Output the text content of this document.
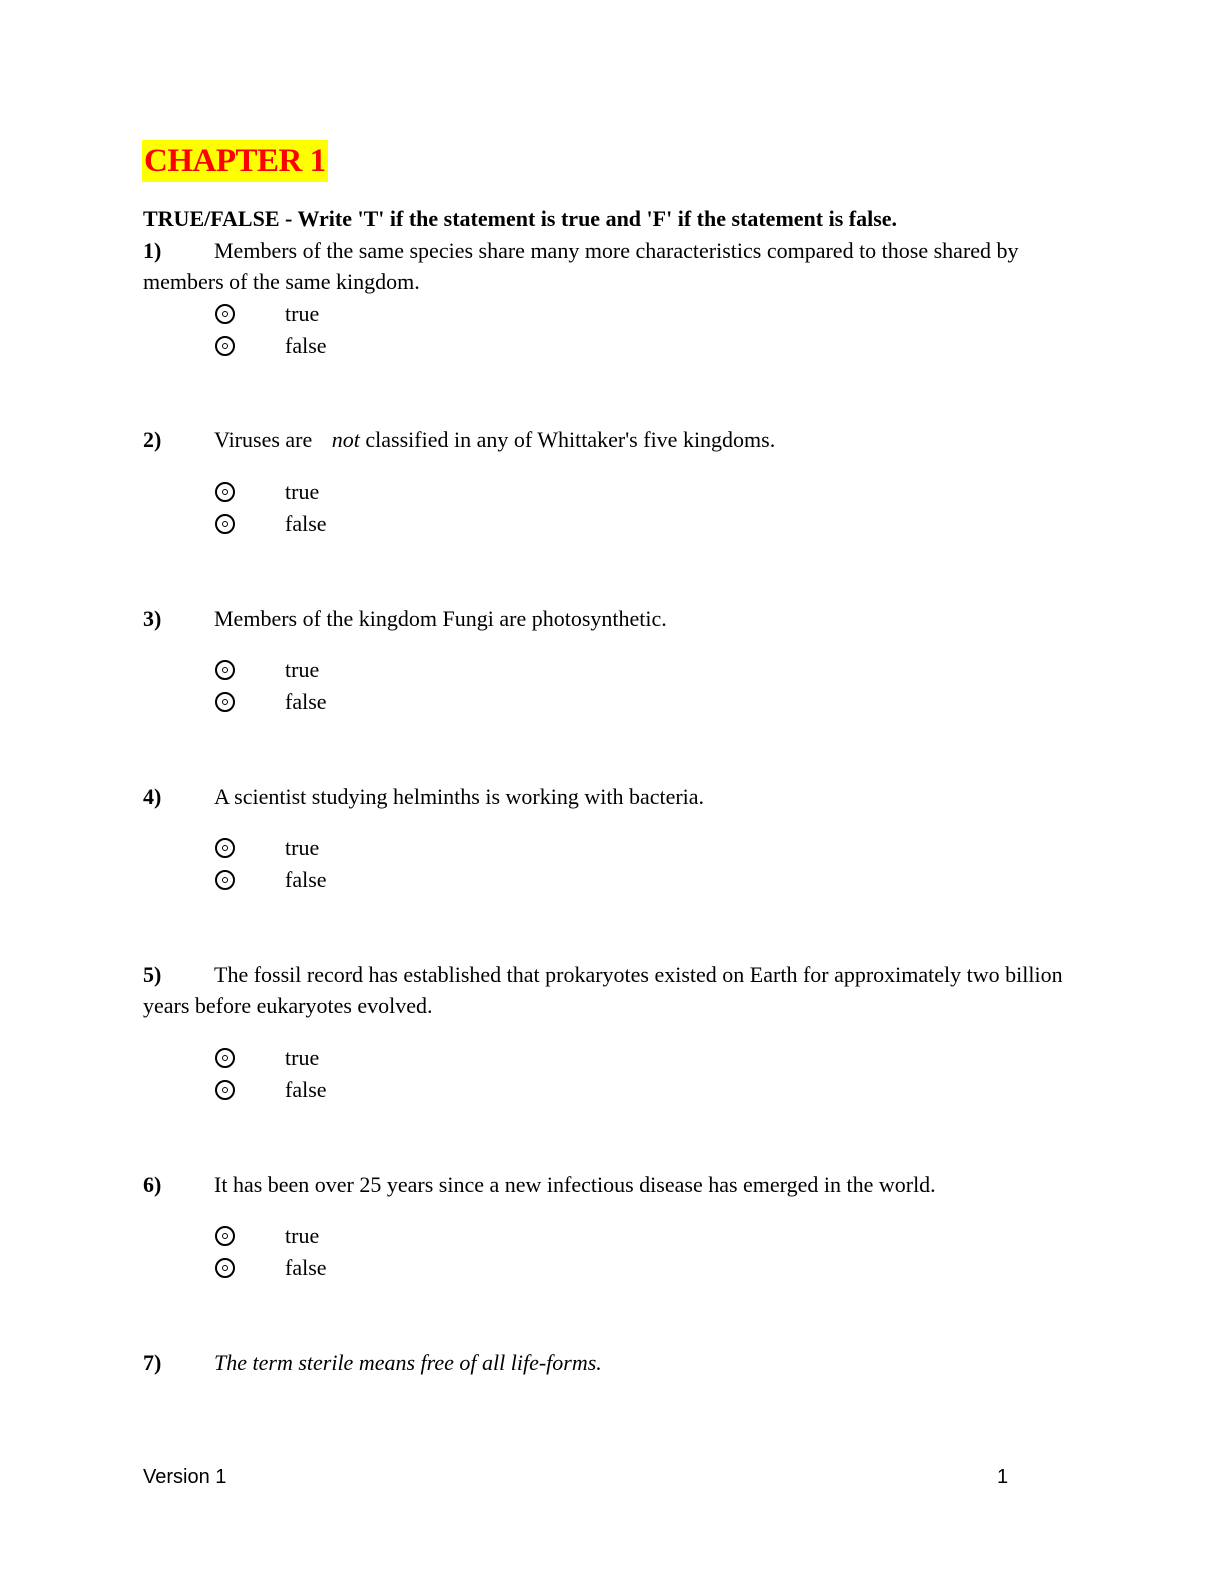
CHAPTER 1
TRUE/FALSE - Write 'T' if the statement is true and 'F' if the statement is false.
1) Members of the same species share many more characteristics compared to those shared by members of the same kingdom.
true
false
2) Viruses are not classified in any of Whittaker's five kingdoms.
true
false
3) Members of the kingdom Fungi are photosynthetic.
true
false
4) A scientist studying helminths is working with bacteria.
true
false
5) The fossil record has established that prokaryotes existed on Earth for approximately two billion years before eukaryotes evolved.
true
false
6) It has been over 25 years since a new infectious disease has emerged in the world.
true
false
7) The term sterile means free of all life-forms.
Version 1	1
